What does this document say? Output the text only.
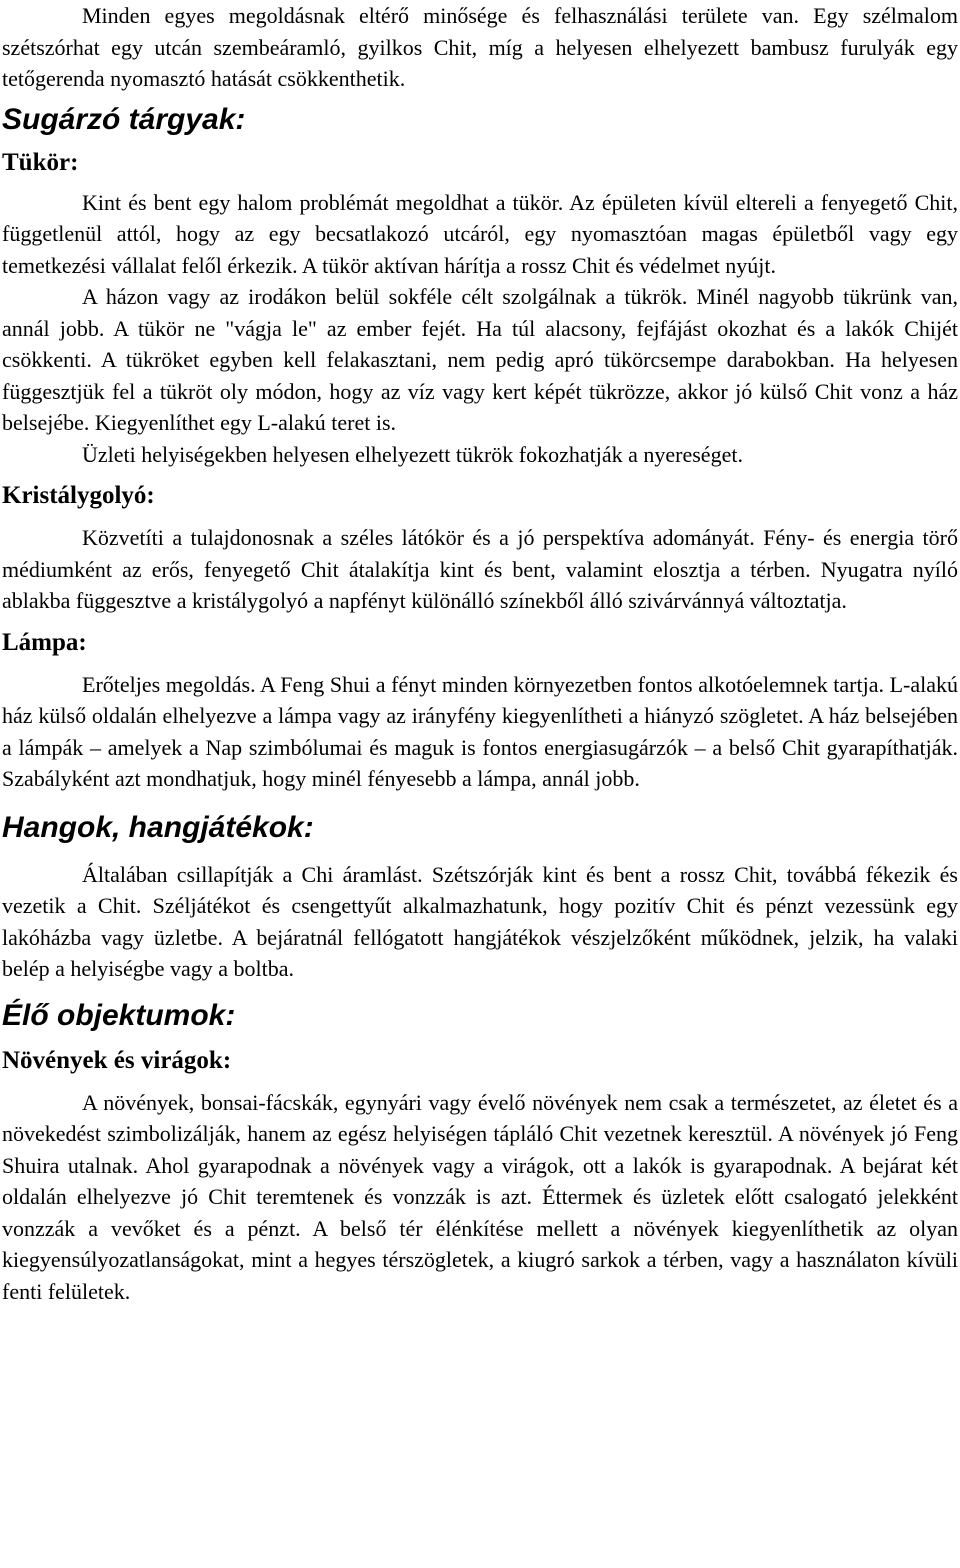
Minden egyes megoldásnak eltérő minősége és felhasználási területe van. Egy szélmalom szétszórhat egy utcán szembeáramló, gyilkos Chit, míg a helyesen elhelyezett bambusz furulyák egy tetőgerenda nyomasztó hatását csökkenthetik.

Sugárzó tárgyak:
Tükör:

Kint és bent egy halom problémát megoldhat a tükör. Az épületen kívül eltereli a fenyegető Chit, függetlenül attól, hogy az egy becsatlakozó utcáról, egy nyomasztóan magas épületből vagy egy temetkezési vállalat felől érkezik. A tükör aktívan hárítja a rossz Chit és védelmet nyújt.

A házon vagy az irodákon belül sokféle célt szolgálnak a tükrök. Minél nagyobb tükrünk van, annál jobb. A tükör ne "vágja le" az ember fejét. Ha túl alacsony, fejfájást okozhat és a lakók Chijét csökkenti. A tükröket egyben kell felakasztani, nem pedig apró tükörcsempe darabokban. Ha helyesen függesztjük fel a tükröt oly módon, hogy az víz vagy kert képét tükrözze, akkor jó külső Chit vonz a ház belsejébe. Kiegyenlíthet egy L-alakú teret is.

Üzleti helyiségekben helyesen elhelyezett tükrök fokozhatják a nyereséget.

Kristálygolyó:

Közvetíti a tulajdonosnak a széles látókör és a jó perspektíva adományát. Fény- és energia törő médiumként az erős, fenyegető Chit átalakítja kint és bent, valamint elosztja a térben. Nyugatra nyíló ablakba függesztve a kristálygolyó a napfényt különálló színekből álló szivárvánnyá változtatja.

Lámpa:

Erőteljes megoldás. A Feng Shui a fényt minden környezetben fontos alkotóelemnek tartja. L-alakú ház külső oldalán elhelyezve a lámpa vagy az irányfény kiegyenlítheti a hiányzó szögletet. A ház belsejében a lámpák – amelyek a Nap szimbólumai és maguk is fontos energiasugárzók – a belső Chit gyarapíthatják. Szabályként azt mondhatjuk, hogy minél fényesebb a lámpa, annál jobb.

Hangok, hangjátékok:

Általában csillapítják a Chi áramlást. Szétszórják kint és bent a rossz Chit, továbbá fékezik és vezetik a Chit. Széljátékot és csengettyűt alkalmazhatunk, hogy pozitív Chit és pénzt vezessünk egy lakóházba vagy üzletbe. A bejáratnál fellógatott hangjátékok vészjelzőként működnek, jelzik, ha valaki belép a helyiségbe vagy a boltba.

Élő objektumok:
Növények és virágok:

A növények, bonsai-fácskák, egynyári vagy évelő növények nem csak a természetet, az életet és a növekedést szimbolizálják, hanem az egész helyiségen tápláló Chit vezetnek keresztül. A növények jó Feng Shuira utalnak. Ahol gyarapodnak a növények vagy a virágok, ott a lakók is gyarapodnak. A bejárat két oldalán elhelyezve jó Chit teremtenek és vonzzák is azt. Éttermek és üzletek előtt csalogató jelekként vonzzák a vevőket és a pénzt. A belső tér élénkítése mellett a növények kiegyenlíthetik az olyan kiegyensúlyozatlanságokat, mint a hegyes térszögletek, a kiugró sarkok a térben, vagy a használaton kívüli fenti felületek.
